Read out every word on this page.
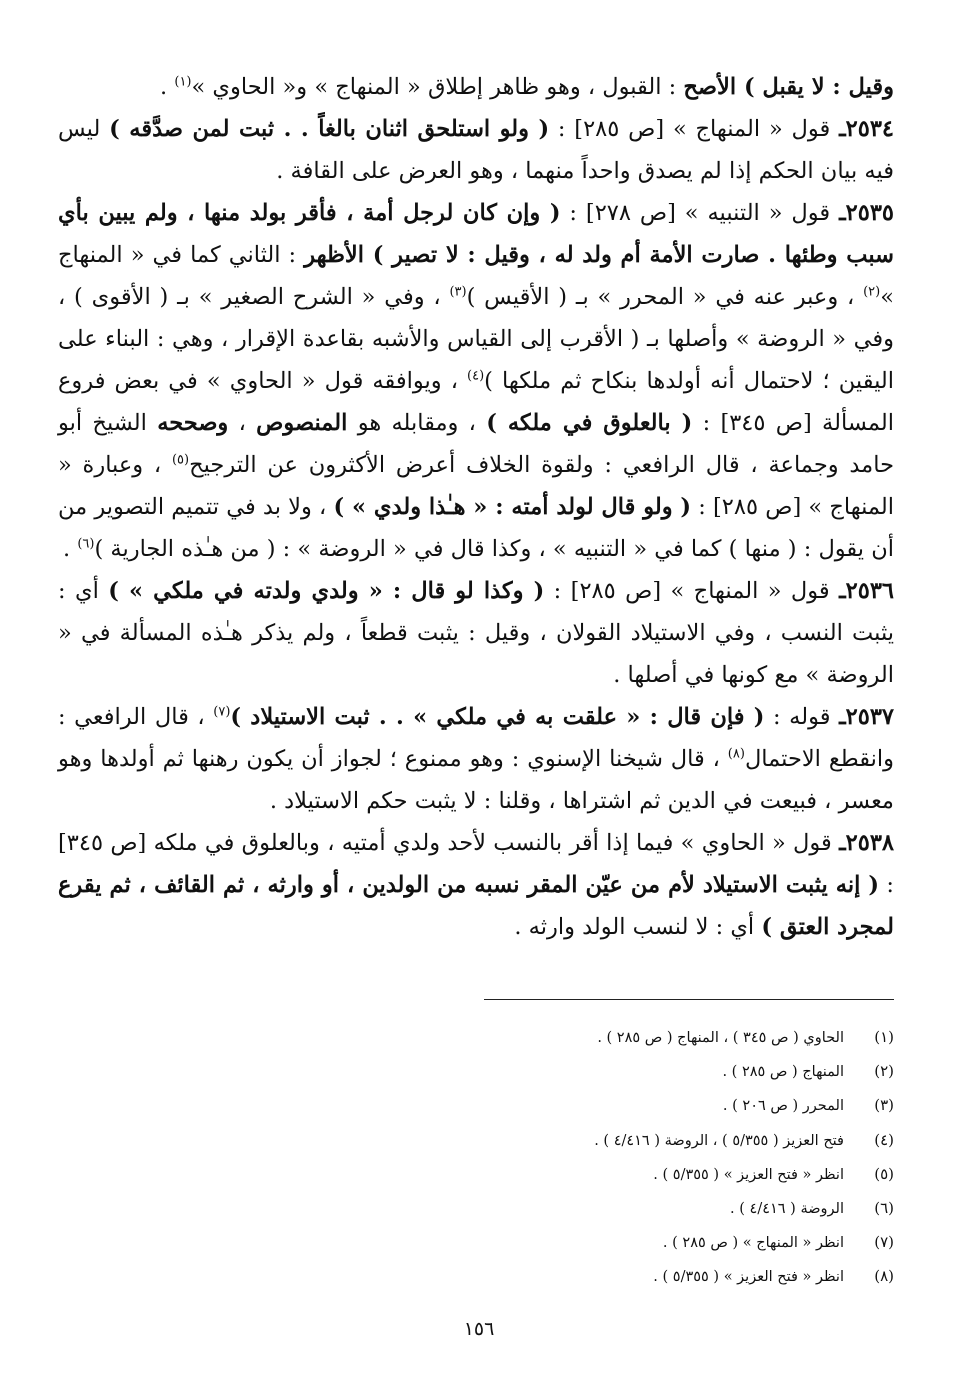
وقيل : لا يقبل ) الأصح : القبول ، وهو ظاهر إطلاق « المنهاج » و« الحاوي »$^{(١)}$ .

٢٥٣٤ـ قول « المنهاج » [ص ٢٨٥] : ( ولو استلحق اثنان بالغاً . . ثبت لمن صدَّقه ) ليس فيه بيان الحكم إذا لم يصدق واحداً منهما ، وهو العرض على القافة .

٢٥٣٥ـ قول « التنبيه » [ص ٢٧٨] : ( وإن كان لرجل أمة ، فأقر بولد منها ، ولم يبين بأي سبب وطئها . صارت الأمة أم ولد له ، وقيل : لا تصير ) الأظهر : الثاني كما في « المنهاج »$^{(٢)}$ ، وعبر عنه في « المحرر » بـ ( الأقيس )$^{(٣)}$ ، وفي « الشرح الصغير » بـ ( الأقوى ) ، وفي « الروضة » وأصلها بـ ( الأقرب إلى القياس والأشبه بقاعدة الإقرار ، وهي : البناء على اليقين ؛ لاحتمال أنه أولدها بنكاح ثم ملكها )$^{(٤)}$ ، ويوافقه قول « الحاوي » في بعض فروع المسألة [ص ٣٤٥] : ( بالعلوق في ملكه ) ، ومقابله هو المنصوص ، وصححه الشيخ أبو حامد وجماعة ، قال الرافعي : ولقوة الخلاف أعرض الأكثرون عن الترجيح$^{(٥)}$ ، وعبارة « المنهاج » [ص ٢٨٥] : ( ولو قال لولد أمته : « هـٰذا ولدي » ) ، ولا بد في تتميم التصوير من أن يقول : ( منها ) كما في « التنبيه » ، وكذا قال في « الروضة » : ( من هـٰذه الجارية )$^{(٦)}$ .

٢٥٣٦ـ قول « المنهاج » [ص ٢٨٥] : ( وكذا لو قال : « ولدي ولدته في ملكي » ) أي : يثبت النسب ، وفي الاستيلاد القولان ، وقيل : يثبت قطعاً ، ولم يذكر هـٰذه المسألة في « الروضة » مع كونها في أصلها .

٢٥٣٧ـ قوله : ( فإن قال : « علقت به في ملكي » . . ثبت الاستيلاد )$^{(٧)}$ ، قال الرافعي : وانقطع الاحتمال$^{(٨)}$ ، قال شيخنا الإسنوي : وهو ممنوع ؛ لجواز أن يكون رهنها ثم أولدها وهو معسر ، فبيعت في الدين ثم اشتراها ، وقلنا : لا يثبت حكم الاستيلاد .

٢٥٣٨ـ قول « الحاوي » فيما إذا أقر بالنسب لأحد ولدي أمتيه ، وبالعلوق في ملكه [ص ٣٤٥] : ( إنه يثبت الاستيلاد لأم من عيّن المقر نسبه من الولدين ، أو وارثه ، ثم القائف ، ثم يقرع لمجرد العتق ) أي : لا لنسب الولد وارثه .

(١)الحاوي ( ص ٣٤٥ ) ، المنهاج ( ص ٢٨٥ ) .
(٢)المنهاج ( ص ٢٨٥ ) .
(٣)المحرر ( ص ٢٠٦ ) .
(٤)فتح العزيز ( ٥/٣٥٥ ) ، الروضة ( ٤/٤١٦ ) .
(٥)انظر « فتح العزيز » ( ٥/٣٥٥ ) .
(٦)الروضة ( ٤/٤١٦ ) .
(٧)انظر « المنهاج » ( ص ٢٨٥ ) .
(٨)انظر « فتح العزيز » ( ٥/٣٥٥ ) .
١٥٦
